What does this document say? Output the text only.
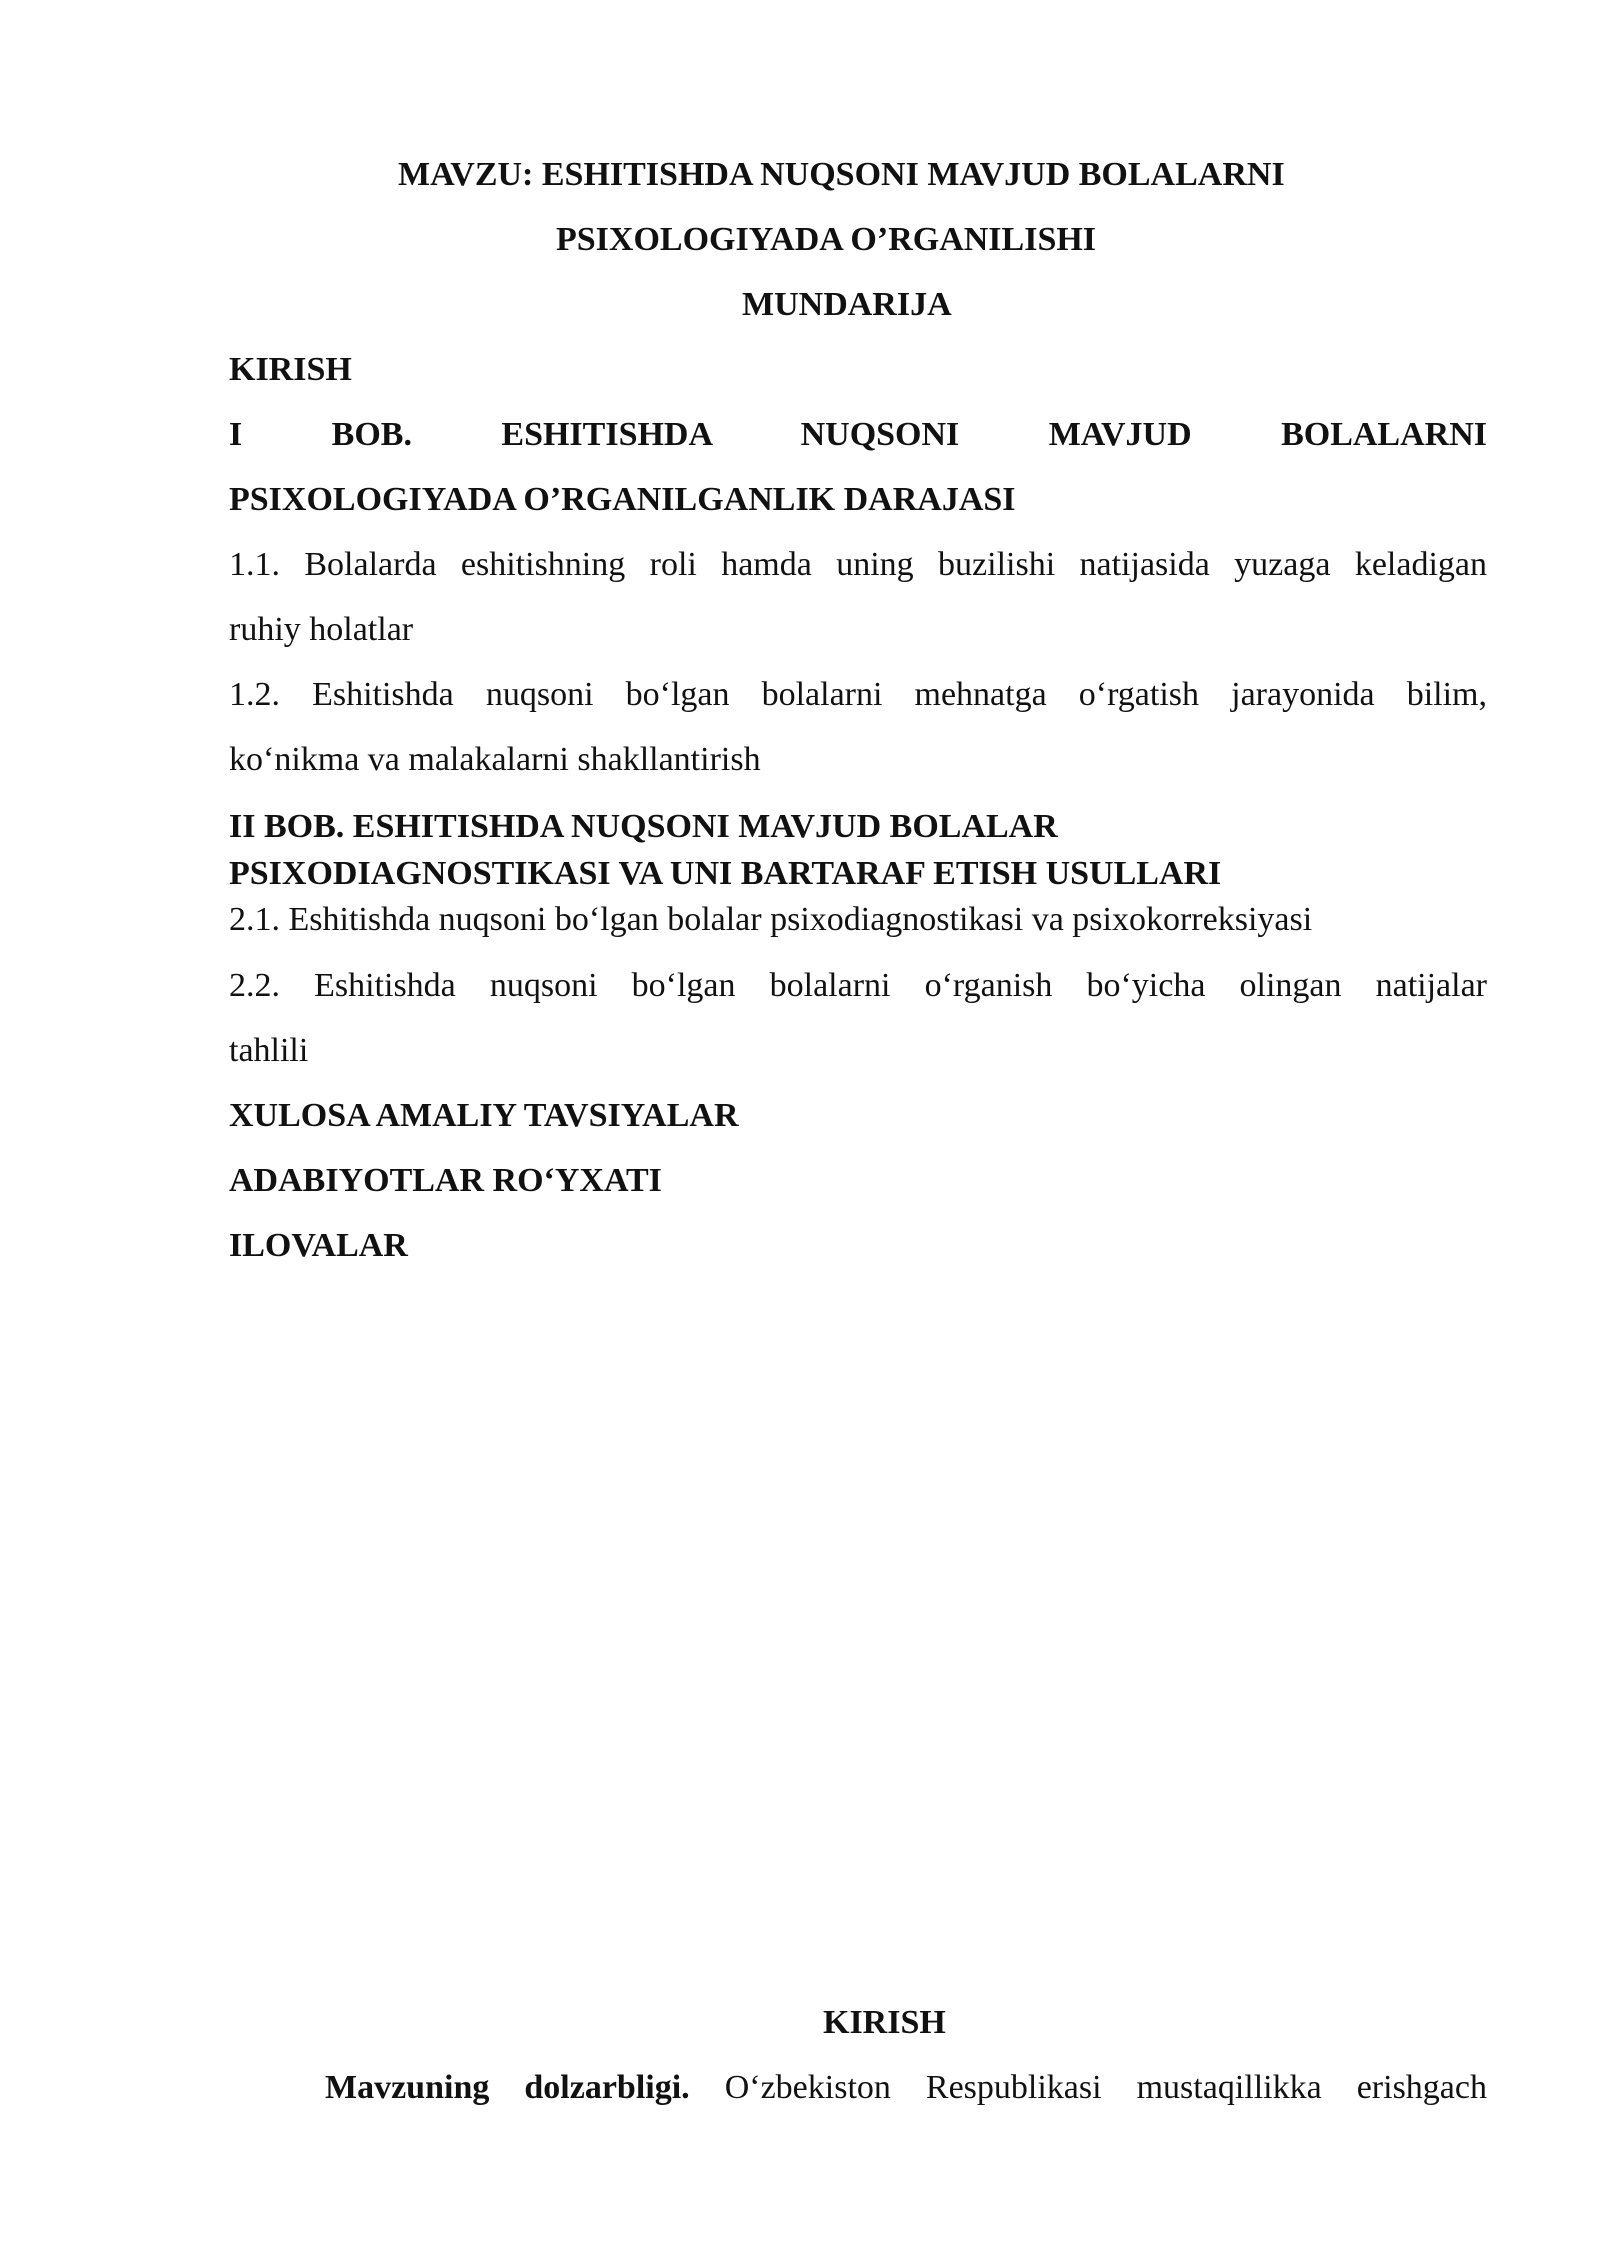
MAVZU: ESHITISHDA NUQSONI MAVJUD BOLALARNI
PSIXOLOGIYADA O’RGANILISHI
MUNDARIJA
KIRISH
I BOB. ESHITISHDA NUQSONI MAVJUD BOLALARNI
PSIXOLOGIYADA O’RGANILGANLIK DARAJASI
1.1. Bolalarda eshitishning roli hamda uning buzilishi natijasida yuzaga keladigan
ruhiy holatlar
1.2. Eshitishda nuqsoni bo‘lgan bolalarni mehnatga o‘rgatish jarayonida bilim,
ko‘nikma va malakalarni shakllantirish
II BOB. ESHITISHDA NUQSONI MAVJUD BOLALAR
PSIXODIAGNOSTIKASI VA UNI BARTARAF ETISH USULLARI
2.1. Eshitishda nuqsoni bo‘lgan bolalar psixodiagnostikasi va psixokorreksiyasi
2.2. Eshitishda nuqsoni bo‘lgan bolalarni o‘rganish bo‘yicha olingan natijalar
tahlili
XULOSA AMALIY TAVSIYALAR
ADABIYOTLAR RO‘YXATI
ILOVALAR
KIRISH
Mavzuning dolzarbligi. O‘zbekiston Respublikasi mustaqillikka erishgach
